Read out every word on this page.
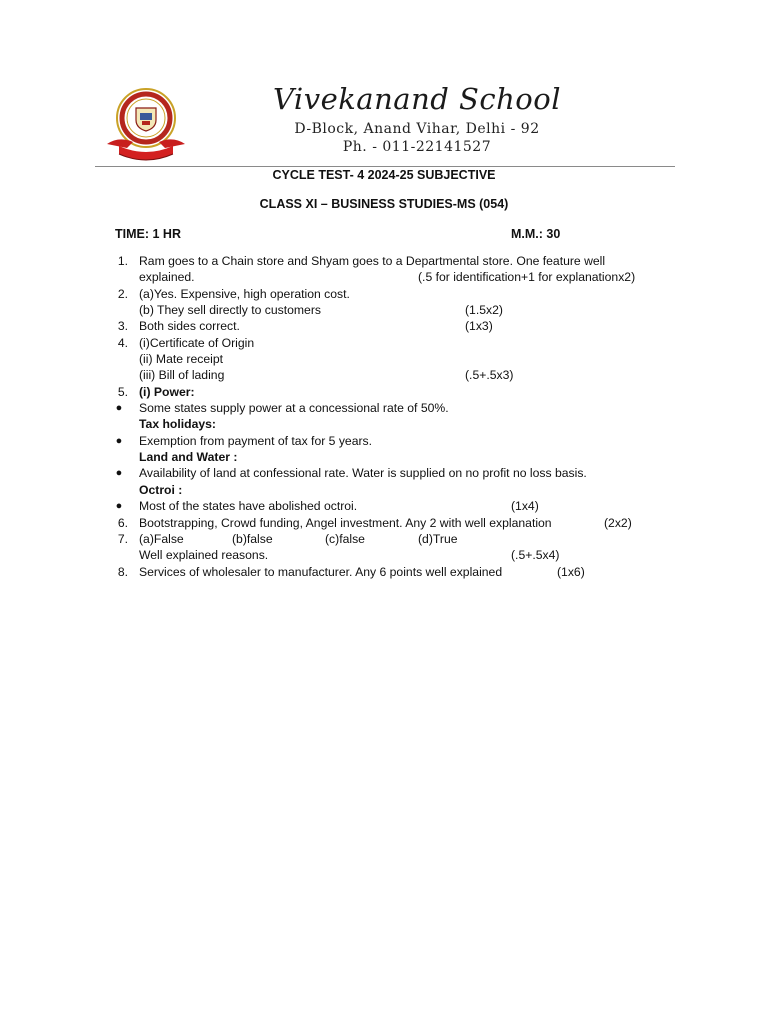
Vivekanand School
D-Block, Anand Vihar, Delhi - 92
Ph. - 011-22141527
CYCLE TEST- 4 2024-25 SUBJECTIVE
CLASS XI – BUSINESS STUDIES-MS (054)
TIME: 1 HR	M.M.: 30
1. Ram goes to a Chain store and Shyam goes to a Departmental store. One feature well
explained.	(.5 for identification+1 for explanationx2)
2. (a)Yes. Expensive, high operation cost.
(b) They sell directly to customers	(1.5x2)
3. Both sides correct.	(1x3)
4. (i)Certificate of Origin
(ii) Mate receipt
(iii) Bill of lading	(.5+.5x3)
5. (i) Power:
● Some states supply power at a concessional rate of 50%.
Tax holidays:
● Exemption from payment of tax for 5 years.
Land and Water :
● Availability of land at confessional rate. Water is supplied on no profit no loss basis.
Octroi :
● Most of the states have abolished octroi.	(1x4)
6. Bootstrapping, Crowd funding, Angel investment. Any 2 with well explanation	(2x2)
7. (a)False	(b)false	(c)false	(d)True
Well explained reasons.	(.5+.5x4)
8. Services of wholesaler to manufacturer. Any 6 points well explained	(1x6)
